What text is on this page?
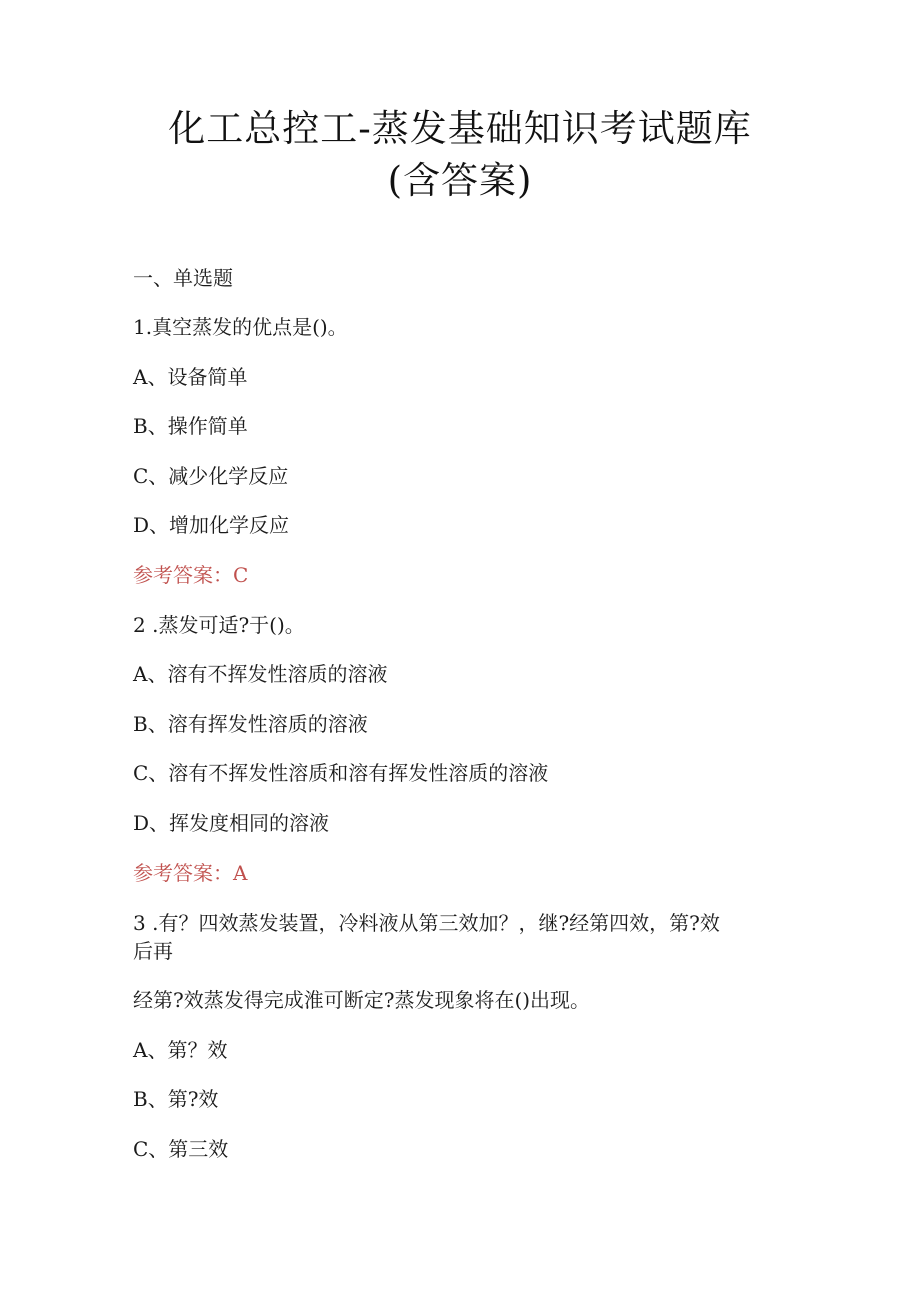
化工总控工-蒸发基础知识考试题库
(含答案)
一、单选题
1.真空蒸发的优点是()。
A、设备简单
B、操作简单
C、减少化学反应
D、增加化学反应
参考答案：C
2 .蒸发可适?于()。
A、溶有不挥发性溶质的溶液
B、溶有挥发性溶质的溶液
C、溶有不挥发性溶质和溶有挥发性溶质的溶液
D、挥发度相同的溶液
参考答案：A
3 .有？四效蒸发装置，冷料液从第三效加？，继?经第四效，第?效
后再
经第?效蒸发得完成淮可断定?蒸发现象将在()出现。
A、第？效
B、第?效
C、第三效
